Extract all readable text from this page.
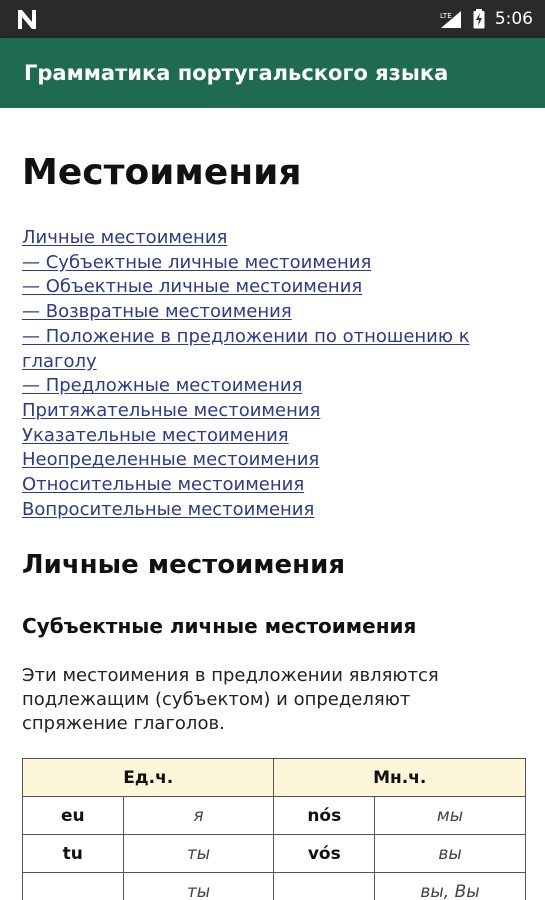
LTE	5:06
Грамматика португальского языка
Местоимения
Личные местоимения
— Субъектные личные местоимения
— Объектные личные местоимения
— Возвратные местоимения
— Положение в предложении по отношению к глаголу
— Предложные местоимения
Притяжательные местоимения
Указательные местоимения
Неопределенные местоимения
Относительные местоимения
Вопросительные местоимения
Личные местоимения
Субъектные личные местоимения

Эти местоимения в предложении являются подлежащим (субъектом) и определяют спряжение глаголов.

Ед.ч.		Мн.ч.	
eu	я	nós	мы
tu	ты	vós	вы
	ты		вы, Вы
